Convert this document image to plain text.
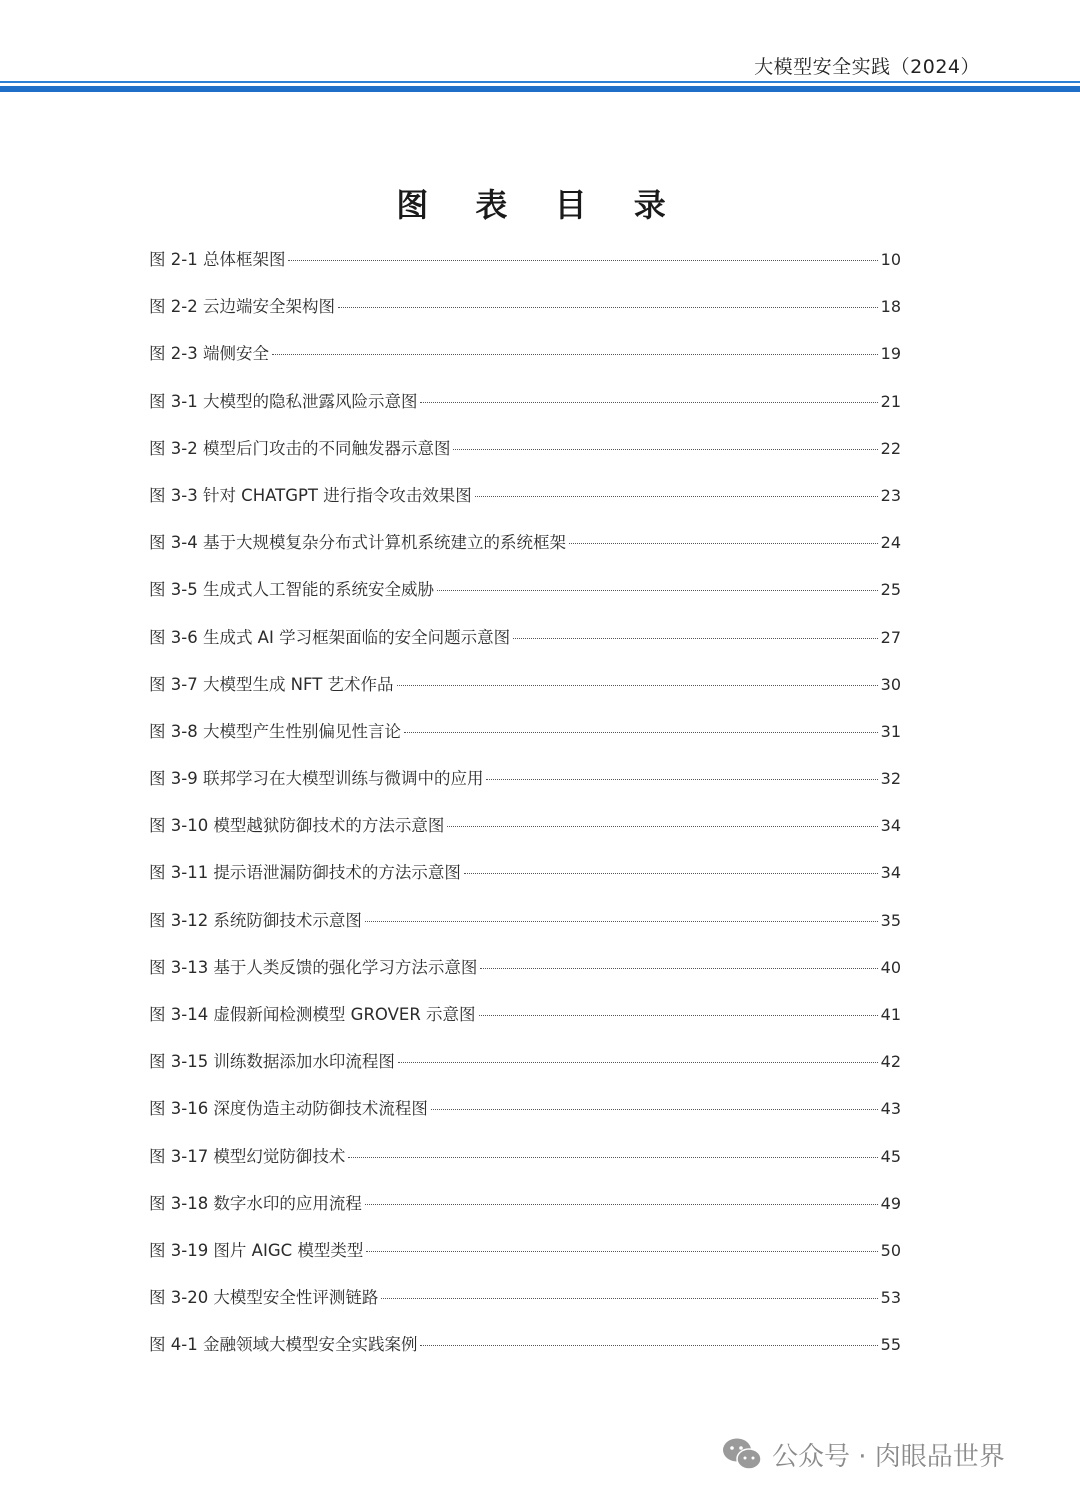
大模型安全实践（2024）
图 表 目 录
图 2-1 总体框架图	10
图 2-2 云边端安全架构图	18
图 2-3 端侧安全	19
图 3-1 大模型的隐私泄露风险示意图	21
图 3-2 模型后门攻击的不同触发器示意图	22
图 3-3 针对 CHATGPT 进行指令攻击效果图	23
图 3-4 基于大规模复杂分布式计算机系统建立的系统框架	24
图 3-5 生成式人工智能的系统安全威胁	25
图 3-6 生成式 AI 学习框架面临的安全问题示意图	27
图 3-7 大模型生成 NFT 艺术作品	30
图 3-8 大模型产生性别偏见性言论	31
图 3-9 联邦学习在大模型训练与微调中的应用	32
图 3-10 模型越狱防御技术的方法示意图	34
图 3-11 提示语泄漏防御技术的方法示意图	34
图 3-12 系统防御技术示意图	35
图 3-13 基于人类反馈的强化学习方法示意图	40
图 3-14 虚假新闻检测模型 GROVER 示意图	41
图 3-15 训练数据添加水印流程图	42
图 3-16 深度伪造主动防御技术流程图	43
图 3-17 模型幻觉防御技术	45
图 3-18 数字水印的应用流程	49
图 3-19 图片 AIGC 模型类型	50
图 3-20 大模型安全性评测链路	53
图 4-1 金融领域大模型安全实践案例	55
公众号 · 肉眼品世界
